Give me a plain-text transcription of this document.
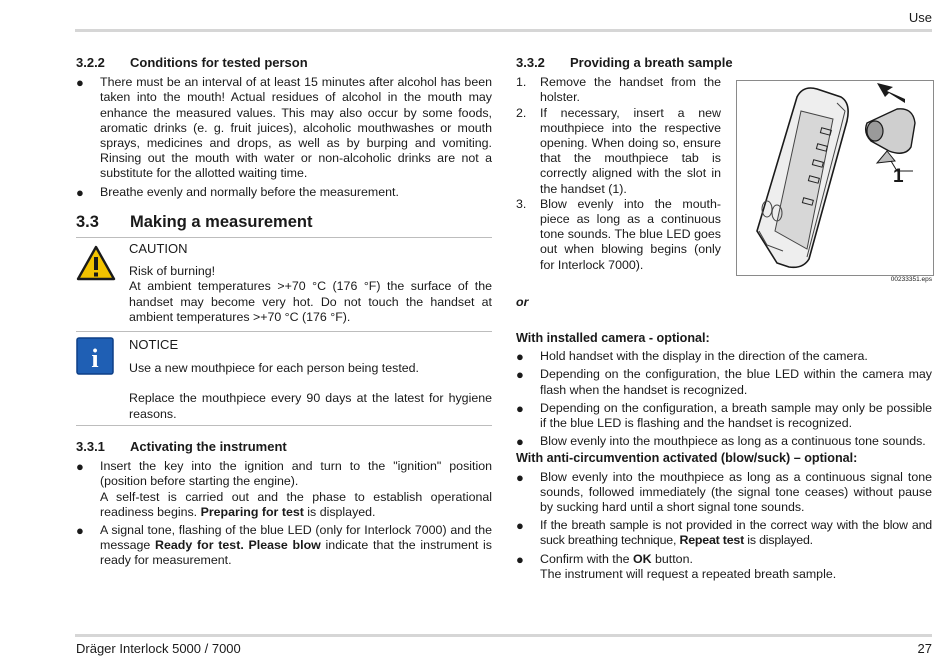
Use
3.2.2 Conditions for tested person
●	There must be an interval of at least 15 minutes after alcohol has been taken into the mouth! Actual residues of alcohol in the mouth may enhance the measured values. This may also occur by some foods, aromatic drinks (e. g. fruit juices), alcoholic mouthwashes or mouth sprays, medicines and drops, as well as by burping and vomiting. Rinsing out the mouth with water or non-alcoholic drinks are not a substitute for the allotted waiting time.
●	Breathe evenly and normally before the measurement.
3.3 Making a measurement
CAUTION
Risk of burning!
At ambient temperatures >+70 °C (176 °F) the surface of the handset may become very hot. Do not touch the handset at ambient temperatures >+70 °C (176 °F).
i NOTICE
Use a new mouthpiece for each person being tested.
Replace the mouthpiece every 90 days at the latest for hygiene reasons.
3.3.1 Activating the instrument
●	Insert the key into the ignition and turn to the "ignition" position (position before starting the engine).
A self-test is carried out and the phase to establish operational readiness begins. Preparing for test is displayed.
●	A signal tone, flashing of the blue LED (only for Interlock 7000) and the message Ready for test. Please blow indicate that the instrument is ready for measurement.
3.3.2 Providing a breath sample
1. Remove the handset from the holster.
2. If necessary, insert a new mouthpiece into the respective opening. When doing so, ensure that the mouthpiece tab is correctly aligned with the slot in the handset (1).
3. Blow evenly into the mouth-piece as long as a continuous tone sounds. The blue LED goes out when blowing begins (only for Interlock 7000).
1
00233351.eps
or
With installed camera - optional:
●	Hold handset with the display in the direction of the camera.
●	Depending on the configuration, the blue LED within the camera may flash when the handset is recognized.
●	Depending on the configuration, a breath sample may only be possible if the blue LED is flashing and the handset is recognized.
●	Blow evenly into the mouthpiece as long as a continuous tone sounds.
With anti-circumvention activated (blow/suck) – optional:
●	Blow evenly into the mouthpiece as long as a continuous signal tone sounds, followed immediately (the signal tone ceases) without pause by sucking hard until a short signal tone sounds.
●	If the breath sample is not provided in the correct way with the blow and suck breathing technique, Repeat test is displayed.
●	Confirm with the OK button.
The instrument will request a repeated breath sample.
Dräger Interlock 5000 / 7000	27
